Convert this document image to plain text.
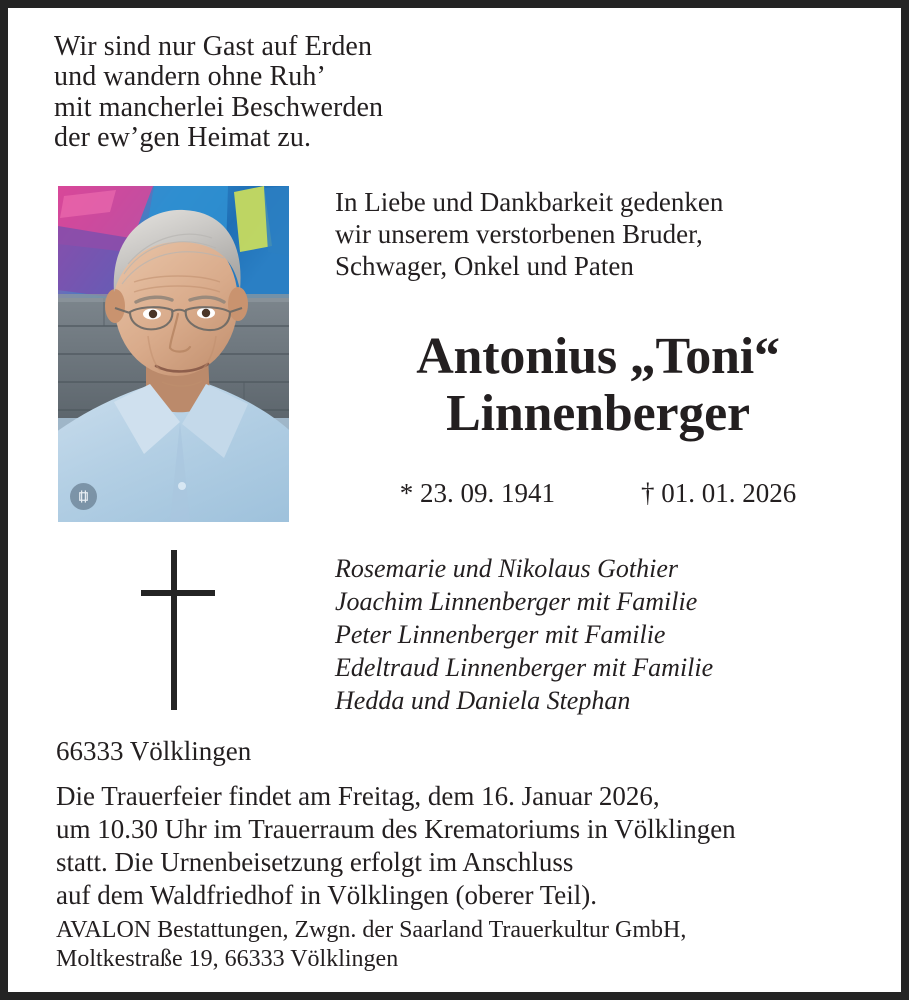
Wir sind nur Gast auf Erden
und wandern ohne Ruh’
mit mancherlei Beschwerden
der ew’gen Heimat zu.
In Liebe und Dankbarkeit gedenken
wir unserem verstorbenen Bruder,
Schwager, Onkel und Paten
Antonius „Toni“
Linnenberger
* 23. 09. 1941	† 01. 01. 2026
Rosemarie und Nikolaus Gothier
Joachim Linnenberger mit Familie
Peter Linnenberger mit Familie
Edeltraud Linnenberger mit Familie
Hedda und Daniela Stephan
66333 Völklingen
Die Trauerfeier findet am Freitag, dem 16. Januar 2026,
um 10.30 Uhr im Trauerraum des Krematoriums in Völklingen
statt. Die Urnenbeisetzung erfolgt im Anschluss
auf dem Waldfriedhof in Völklingen (oberer Teil).
AVALON Bestattungen, Zwgn. der Saarland Trauerkultur GmbH,
Moltkestraße 19, 66333 Völklingen
